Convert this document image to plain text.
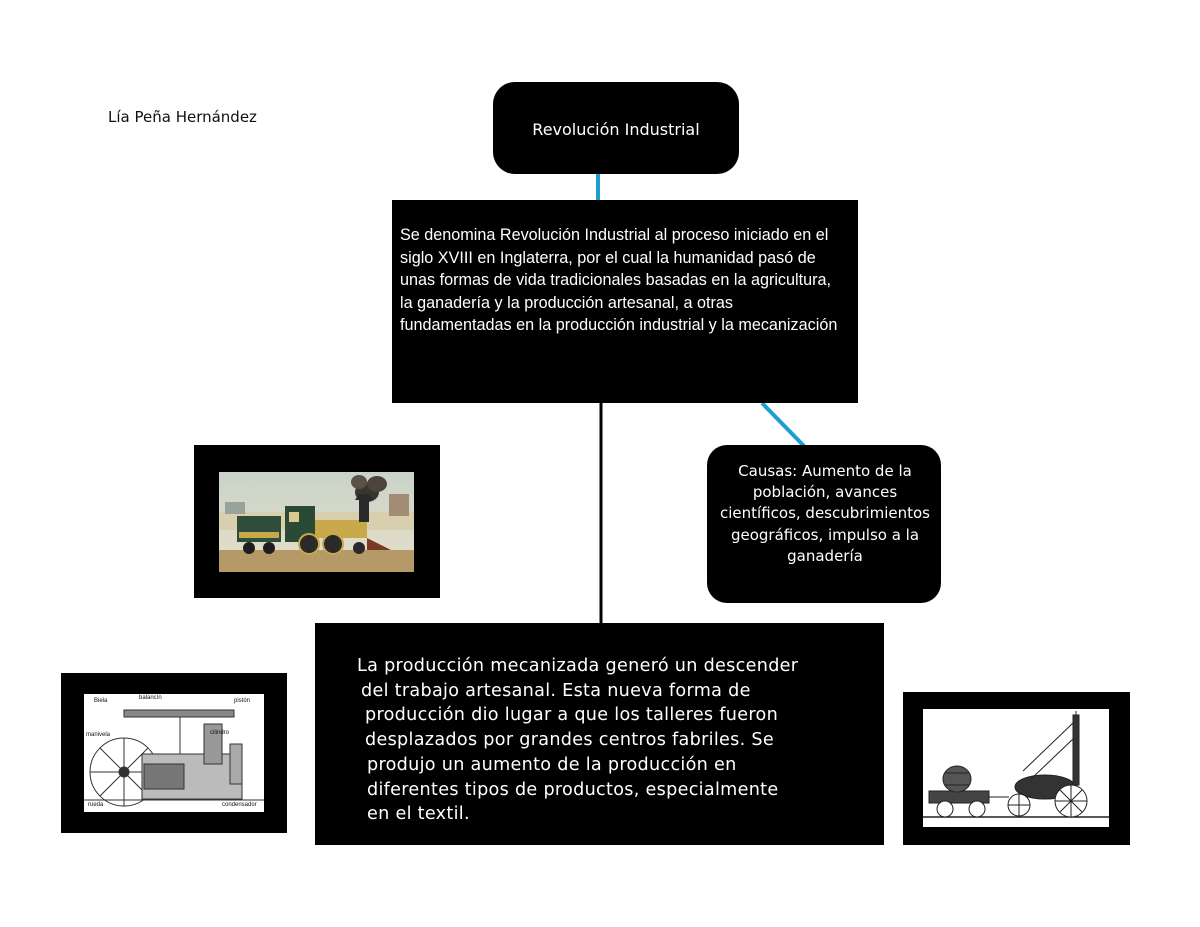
Lía Peña Hernández
Revolución Industrial
Se denomina Revolución Industrial al proceso iniciado en el siglo XVIII en Inglaterra, por el cual la humanidad pasó de unas formas de vida tradicionales basadas en la agricultura, la ganadería y la producción artesanal, a otras fundamentadas en la producción industrial y la mecanización
Causas: Aumento de la población, avances científicos, descubrimientos geográficos, impulso a la ganadería
La producción mecanizada generó un descender
del trabajo artesanal. Esta nueva forma de
producción dio lugar a que los talleres fueron
desplazados por grandes centros fabriles. Se
produjo un aumento de la producción en
diferentes tipos de productos, especialmente
en el textil.
Biela	balancín	pistón
manivela	cilindro
rueda	condensador
